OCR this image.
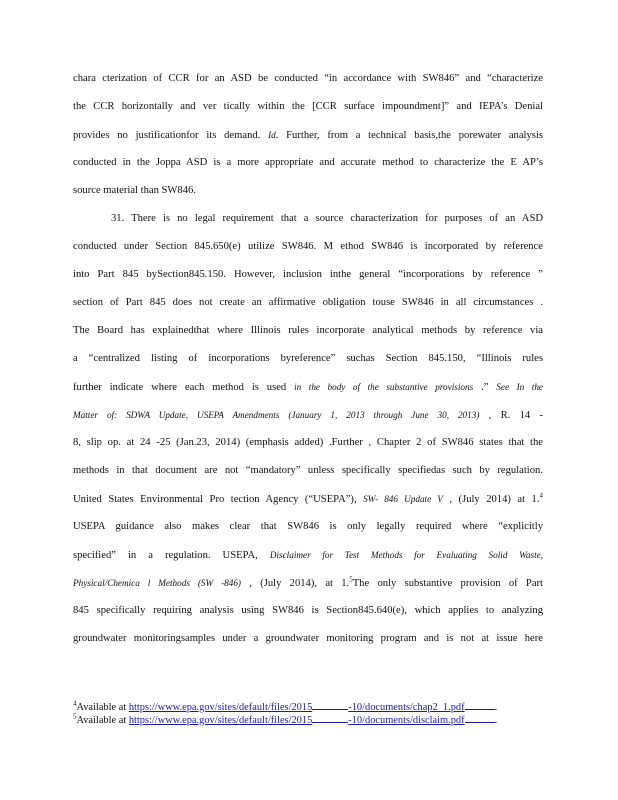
chara cterization of CCR for an ASD be conducted “in accordance with SW846” and “characterize
the CCR horizontally and ver tically within the [CCR surface impoundment]” and IEPA’s Denial
provides no justificationfor its demand. Id. Further, from a technical basis,the porewater analysis
conducted in the Joppa ASD is a more appropriate and accurate method to characterize the E AP’s
source material than SW846.
31. There is no legal requirement that a source characterization for purposes of an ASD
conducted under Section 845.650(e) utilize SW846. M ethod SW846 is incorporated by reference
into Part 845 bySection845.150. However, inclusion inthe general “incorporations by reference ”
section of Part 845 does not create an affirmative obligation touse SW846 in all circumstances .
The Board has explainedthat where Illinois rules incorporate analytical methods by reference via
a “centralized listing of incorporations byreference” suchas Section 845.150, “Illinois rules
further indicate where each method is used in the body of the substantive provisions .” See In the
Matter of: SDWA Update, USEPA Amendments (January 1, 2013 through June 30, 2013) , R. 14 -
8, slip op. at 24 -25 (Jan.23, 2014) (emphasis added) .Further , Chapter 2 of SW846 states that the
methods in that document are not “mandatory” unless specifically specifiedas such by regulation.
United States Environmental Pro tection Agency (“USEPA”), SW- 846 Update V , (July 2014) at 1.$^4$
USEPA guidance also makes clear that SW846 is only legally required where “explicitly
specified” in a regulation. USEPA, Disclaimer for Test Methods for Evaluating Solid Waste,
Physical/Chemica l Methods (SW -846) , (July 2014), at 1.$^5$The only substantive provision of Part
845 specifically requiring analysis using SW846 is Section845.640(e), which applies to analyzing
groundwater monitoringsamples under a groundwater monitoring program and is not at issue here
$^4$Available at https://www.epa.gov/sites/default/files/2015	-10/documents/chap2_1.pdf	.
$^5$Available at https://www.epa.gov/sites/default/files/2015	-10/documents/disclaim.pdf	.
